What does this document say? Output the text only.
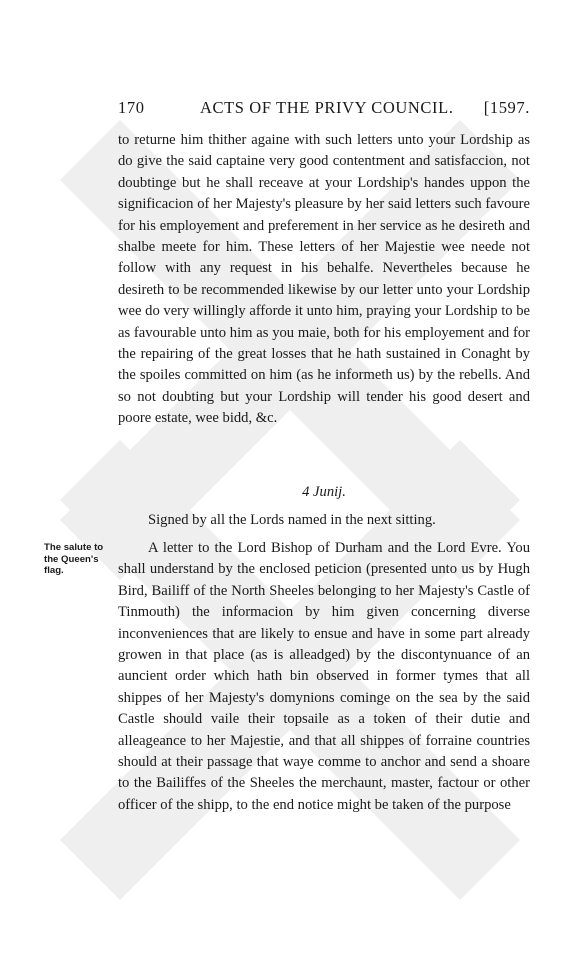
170	ACTS OF THE PRIVY COUNCIL. [1597.

to returne him thither againe with such letters unto your Lordship as do give the said captaine very good contentment and satisfaccion, not doubtinge but he shall receave at your Lordship's handes uppon the significacion of her Majesty's pleasure by her said letters such favoure for his employement and preferement in her service as he desireth and shalbe meete for him. These letters of her Majestie wee neede not follow with any request in his behalfe. Nevertheles because he desireth to be recommended likewise by our letter unto your Lordship wee do very willingly afforde it unto him, praying your Lordship to be as favourable unto him as you maie, both for his employement and for the repairing of the great losses that he hath sustained in Conaght by the spoiles committed on him (as he informeth us) by the rebells. And so not doubting but your Lordship will tender his good desert and poore estate, wee bidd, &c.

4 Junij.
Signed by all the Lords named in the next sitting.
The salute to the Queen's flag.

A letter to the Lord Bishop of Durham and the Lord Evre. You shall understand by the enclosed peticion (presented unto us by Hugh Bird, Bailiff of the North Sheeles belonging to her Majesty's Castle of Tinmouth) the informacion by him given concerning diverse inconveniences that are likely to ensue and have in some part already growen in that place (as is alleadged) by the discontynuance of an auncient order which hath bin observed in former tymes that all shippes of her Majesty's domynions cominge on the sea by the said Castle should vaile their topsaile as a token of their dutie and alleageance to her Majestie, and that all shippes of forraine countries should at their passage that waye comme to anchor and send a shoare to the Bailiffes of the Sheeles the merchaunt, master, factour or other officer of the shipp, to the end notice might be taken of the purpose
